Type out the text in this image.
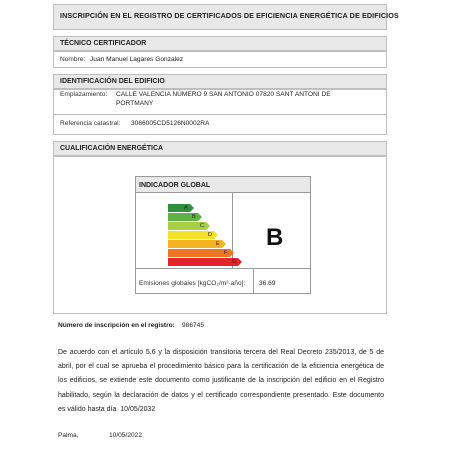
INSCRIPCIÓN EN EL REGISTRO DE CERTIFICADOS DE EFICIENCIA ENERGÉTICA DE EDIFICIOS
TÉCNICO CERTIFICADOR
Nombre: Juan Manuel Lagares Gonzalez
IDENTIFICACIÓN DEL EDIFICIO
Emplazamiento: CALLE VALENCIA NÚMERO 9 SAN ANTONIO 07820 SANT ANTONI DE
PORTMANY
Referencia catastral: 3066005CD5126N0002RA
CUALIFICACIÓN ENERGÉTICA
INDICADOR GLOBAL
A
B
C
D
E
F
G
B
Emisiones globales [kgCO₂/m²·año]: 36.69
Número de inscripción en el registro: 986745
De acuerdo con el artículo 5.6 y la disposición transitoria tercera del Real Decreto 235/2013, de 5 de abril, por el cual se aprueba el procedimiento básico para la certificación de la eficiencia energética de los edificios, se extiende este documento como justificante de la inscripción del edificio en el Registro habilitado, según la declaración de datos y el certificado correspondiente presentado. Este documento es válido hasta día 10/05/2032
Palma,	10/05/2022
